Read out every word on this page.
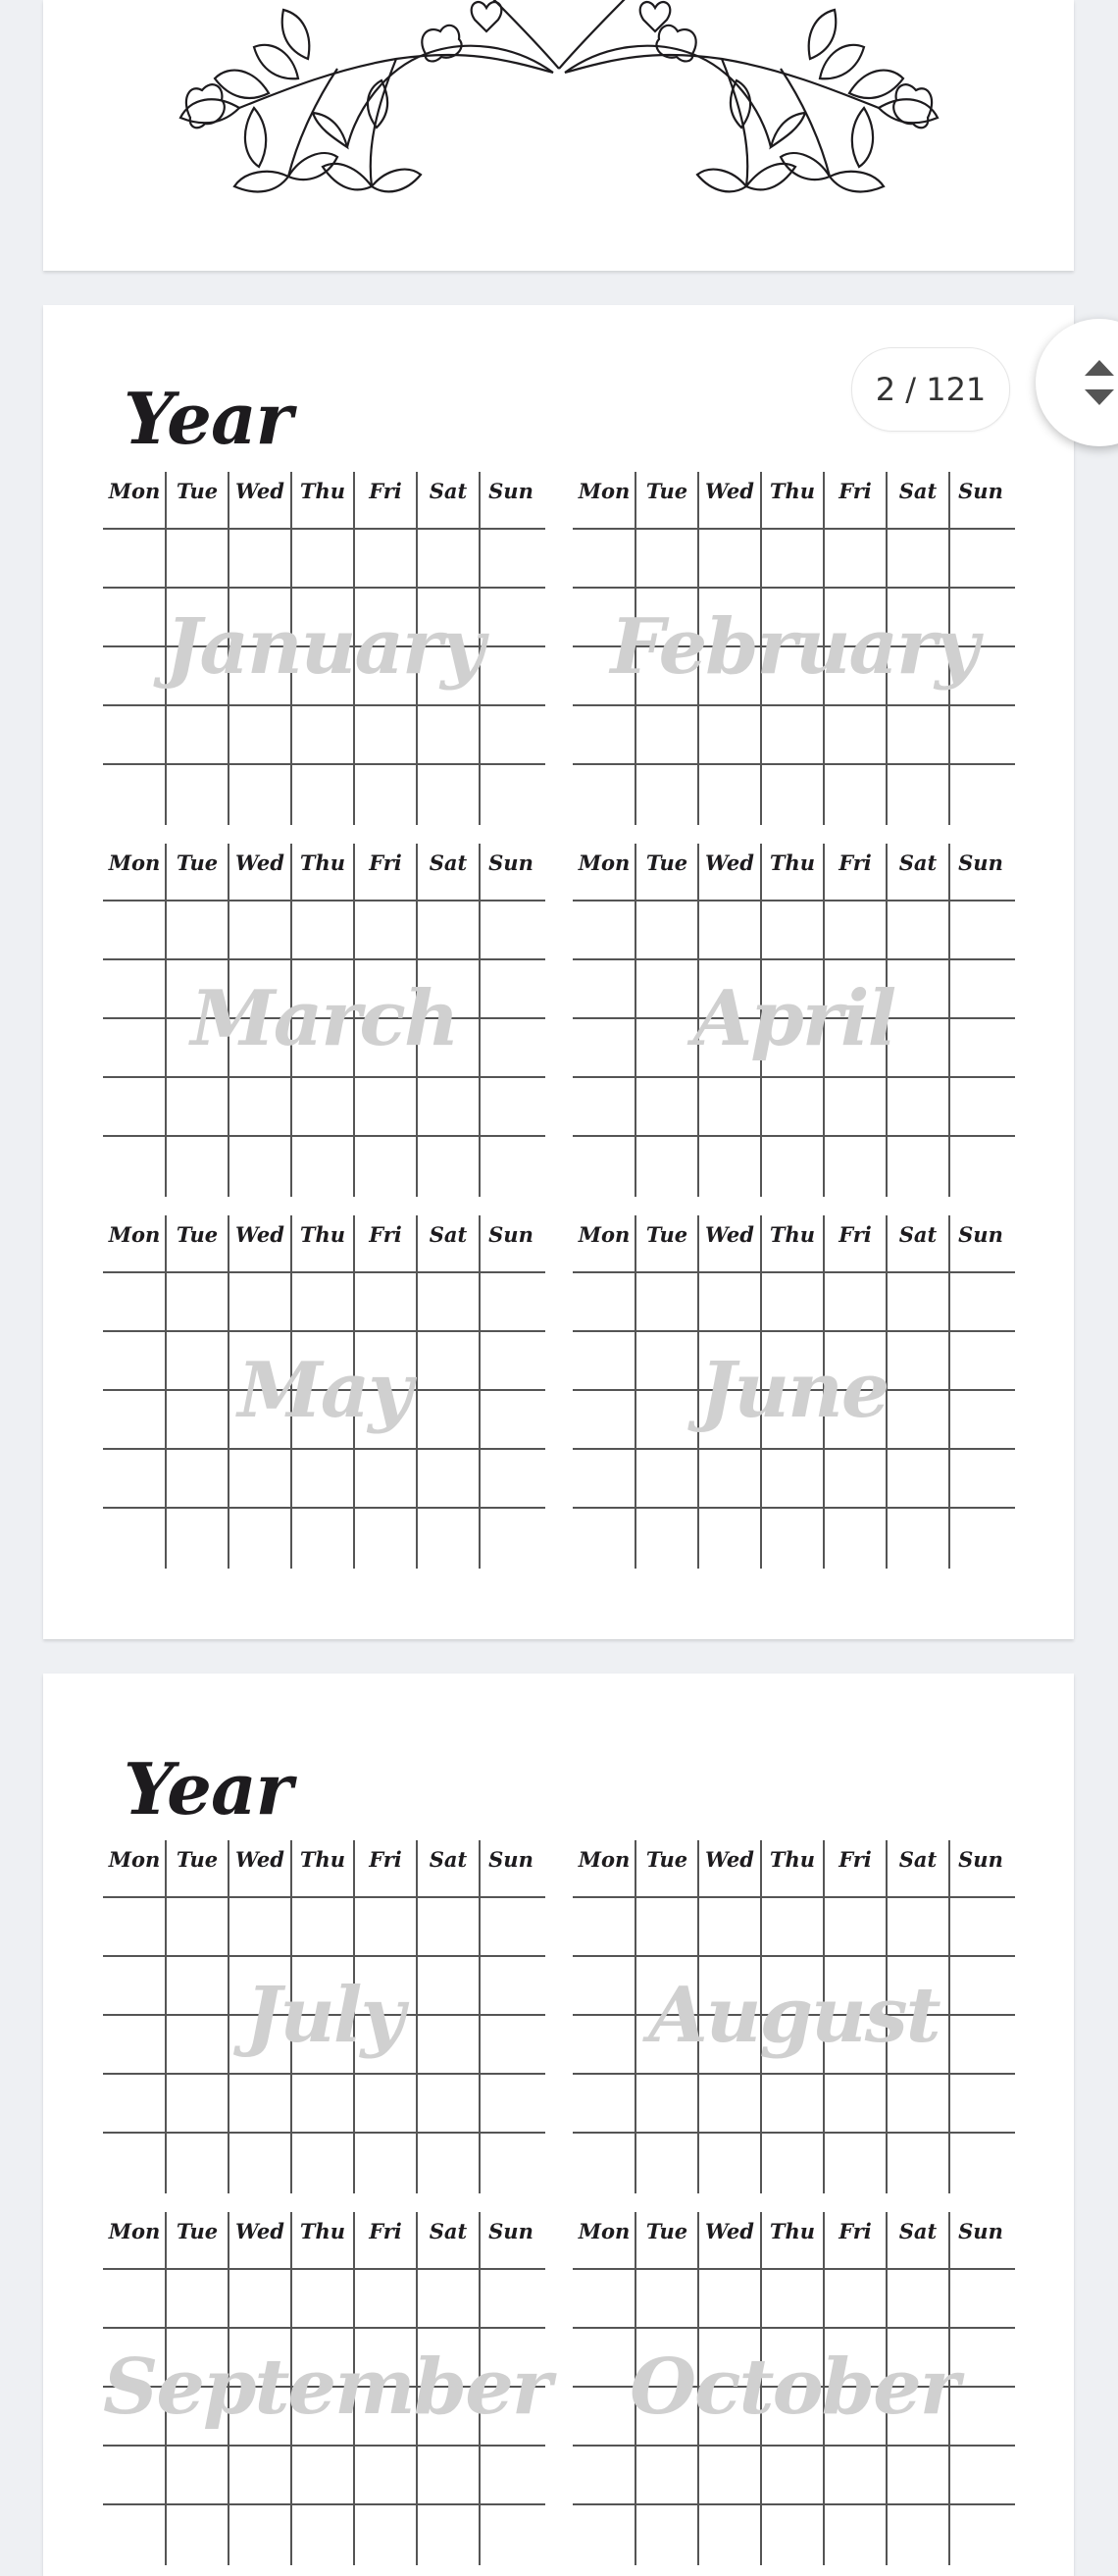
Year
Mon Tue Wed Thu	Fri	Sat	Sun
January
Mon Tue Wed Thu	Fri	Sat	Sun
February
Mon Tue Wed Thu	Fri	Sat	Sun
March
Mon Tue Wed Thu	Fri	Sat	Sun
April
Mon Tue Wed Thu	Fri	Sat	Sun
May
Mon Tue Wed Thu	Fri	Sat	Sun
June
Year
Mon Tue Wed Thu	Fri	Sat	Sun
July
Mon Tue Wed Thu	Fri	Sat	Sun
August
Mon Tue Wed Thu	Fri	Sat	Sun
September
Mon Tue Wed Thu	Fri	Sat	Sun
October
2 / 121
